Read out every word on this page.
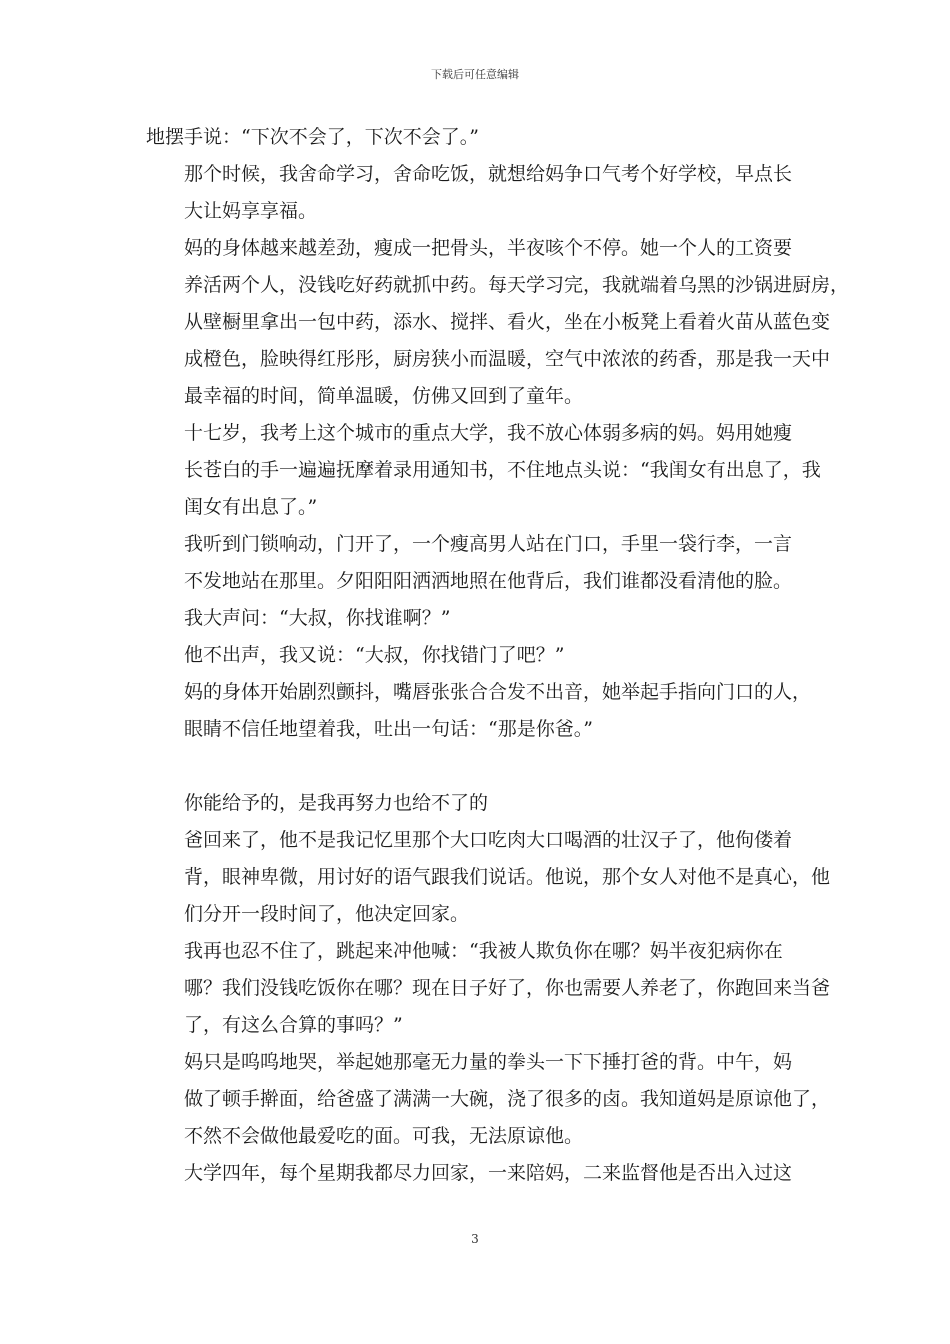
下载后可任意编辑

地摆手说：“下次不会了，下次不会了。”

那个时候，我舍命学习，舍命吃饭，就想给妈争口气考个好学校，早点长
大让妈享享福。

妈的身体越来越差劲，瘦成一把骨头，半夜咳个不停。她一个人的工资要
养活两个人，没钱吃好药就抓中药。每天学习完，我就端着乌黑的沙锅进厨房，
从壁橱里拿出一包中药，添水、搅拌、看火，坐在小板凳上看着火苗从蓝色变
成橙色，脸映得红彤彤，厨房狭小而温暖，空气中浓浓的药香，那是我一天中
最幸福的时间，简单温暖，仿佛又回到了童年。

十七岁，我考上这个城市的重点大学，我不放心体弱多病的妈。妈用她瘦
长苍白的手一遍遍抚摩着录用通知书，不住地点头说：“我闺女有出息了，我
闺女有出息了。”

我听到门锁响动，门开了，一个瘦高男人站在门口，手里一袋行李，一言
不发地站在那里。夕阳阳阳洒洒地照在他背后，我们谁都没看清他的脸。

我大声问：“大叔，你找谁啊？”

他不出声，我又说：“大叔，你找错门了吧？”

妈的身体开始剧烈颤抖，嘴唇张张合合发不出音，她举起手指向门口的人，
眼睛不信任地望着我，吐出一句话：“那是你爸。”

你能给予的，是我再努力也给不了的

爸回来了，他不是我记忆里那个大口吃肉大口喝酒的壮汉子了，他佝偻着
背，眼神卑微，用讨好的语气跟我们说话。他说，那个女人对他不是真心，他
们分开一段时间了，他决定回家。

我再也忍不住了，跳起来冲他喊：“我被人欺负你在哪？妈半夜犯病你在
哪？我们没钱吃饭你在哪？现在日子好了，你也需要人养老了，你跑回来当爸
了，有这么合算的事吗？”

妈只是呜呜地哭，举起她那毫无力量的拳头一下下捶打爸的背。中午，妈
做了顿手擀面，给爸盛了满满一大碗，浇了很多的卤。我知道妈是原谅他了，
不然不会做他最爱吃的面。可我，无法原谅他。

大学四年，每个星期我都尽力回家，一来陪妈，二来监督他是否出入过这

3
